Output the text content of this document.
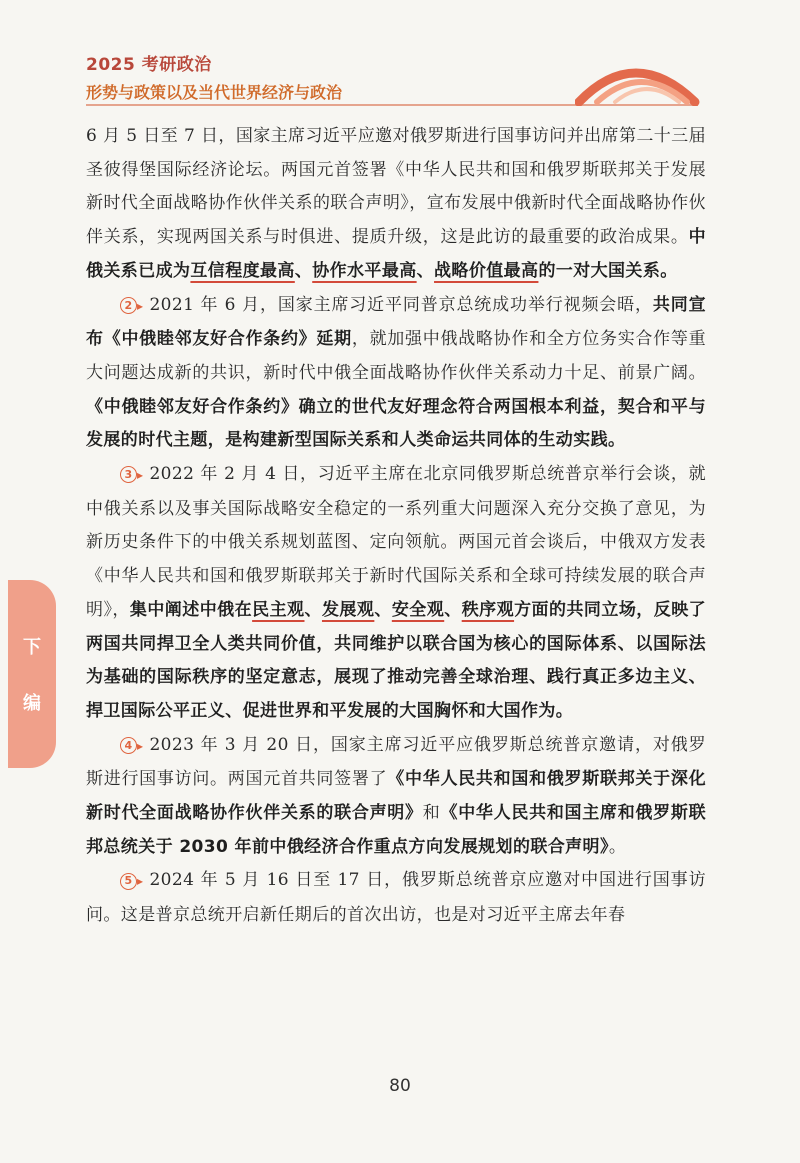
2025 考研政治
形势与政策以及当代世界经济与政治
下
编

6 月 5 日至 7 日，国家主席习近平应邀对俄罗斯进行国事访问并出席第二十三届圣彼得堡国际经济论坛。两国元首签署《中华人民共和国和俄罗斯联邦关于发展新时代全面战略协作伙伴关系的联合声明》，宣布发展中俄新时代全面战略协作伙伴关系，实现两国关系与时俱进、提质升级，这是此访的最重要的政治成果。中俄关系已成为互信程度最高、协作水平最高、战略价值最高的一对大国关系。

2 ▸ 2021 年 6 月，国家主席习近平同普京总统成功举行视频会晤，共同宣布《中俄睦邻友好合作条约》延期，就加强中俄战略协作和全方位务实合作等重大问题达成新的共识，新时代中俄全面战略协作伙伴关系动力十足、前景广阔。《中俄睦邻友好合作条约》确立的世代友好理念符合两国根本利益，契合和平与发展的时代主题，是构建新型国际关系和人类命运共同体的生动实践。

3 ▸ 2022 年 2 月 4 日，习近平主席在北京同俄罗斯总统普京举行会谈，就中俄关系以及事关国际战略安全稳定的一系列重大问题深入充分交换了意见，为新历史条件下的中俄关系规划蓝图、定向领航。两国元首会谈后，中俄双方发表《中华人民共和国和俄罗斯联邦关于新时代国际关系和全球可持续发展的联合声明》，集中阐述中俄在民主观、发展观、安全观、秩序观方面的共同立场，反映了两国共同捍卫全人类共同价值，共同维护以联合国为核心的国际体系、以国际法为基础的国际秩序的坚定意志，展现了推动完善全球治理、践行真正多边主义、捍卫国际公平正义、促进世界和平发展的大国胸怀和大国作为。

4 ▸ 2023 年 3 月 20 日，国家主席习近平应俄罗斯总统普京邀请，对俄罗斯进行国事访问。两国元首共同签署了《中华人民共和国和俄罗斯联邦关于深化新时代全面战略协作伙伴关系的联合声明》和《中华人民共和国主席和俄罗斯联邦总统关于 2030 年前中俄经济合作重点方向发展规划的联合声明》。

5 ▸ 2024 年 5 月 16 日至 17 日，俄罗斯总统普京应邀对中国进行国事访问。这是普京总统开启新任期后的首次出访，也是对习近平主席去年春

80
